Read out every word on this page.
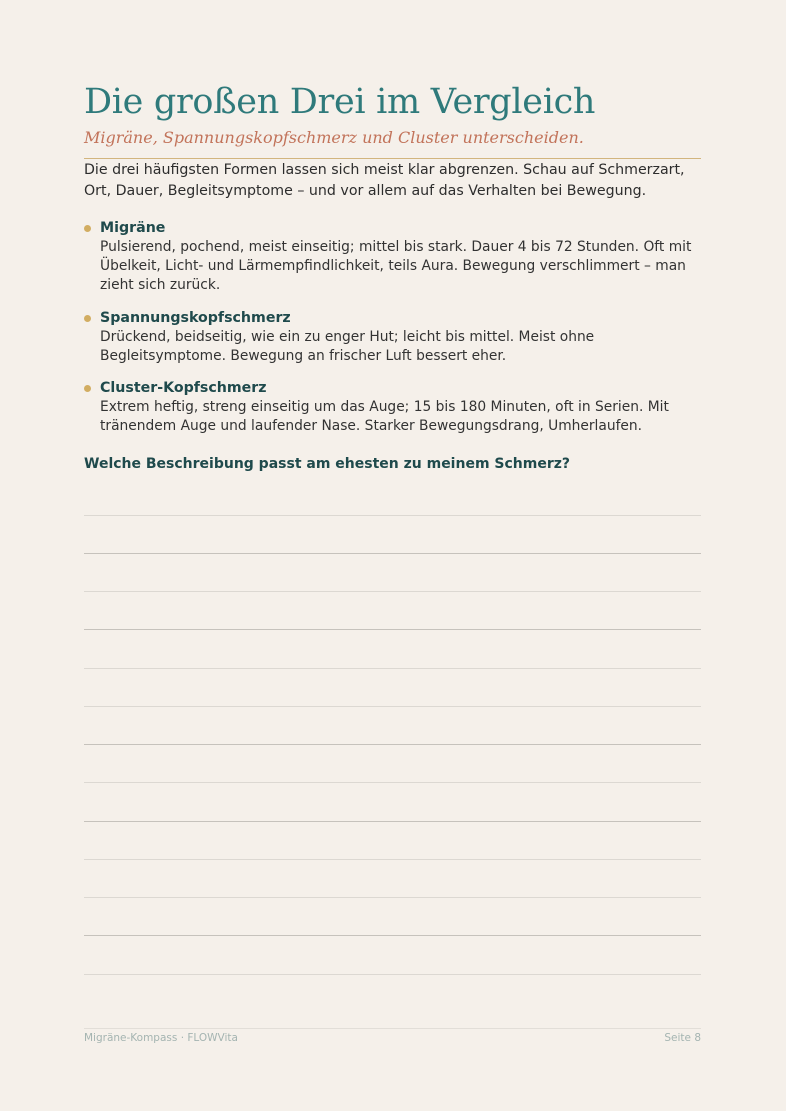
Die großen Drei im Vergleich
Migräne, Spannungskopfschmerz und Cluster unterscheiden.

Die drei häufigsten Formen lassen sich meist klar abgrenzen. Schau auf Schmerzart, Ort, Dauer, Begleitsymptome – und vor allem auf das Verhalten bei Bewegung.

Migräne
Pulsierend, pochend, meist einseitig; mittel bis stark. Dauer 4 bis 72 Stunden. Oft mit Übelkeit, Licht- und Lärmempfindlichkeit, teils Aura. Bewegung verschlimmert – man zieht sich zurück.
Spannungskopfschmerz
Drückend, beidseitig, wie ein zu enger Hut; leicht bis mittel. Meist ohne Begleitsymptome. Bewegung an frischer Luft bessert eher.
Cluster-Kopfschmerz
Extrem heftig, streng einseitig um das Auge; 15 bis 180 Minuten, oft in Serien. Mit tränendem Auge und laufender Nase. Starker Bewegungsdrang, Umherlaufen.
Welche Beschreibung passt am ehesten zu meinem Schmerz?
Migräne-Kompass · FLOWVita	Seite 8
